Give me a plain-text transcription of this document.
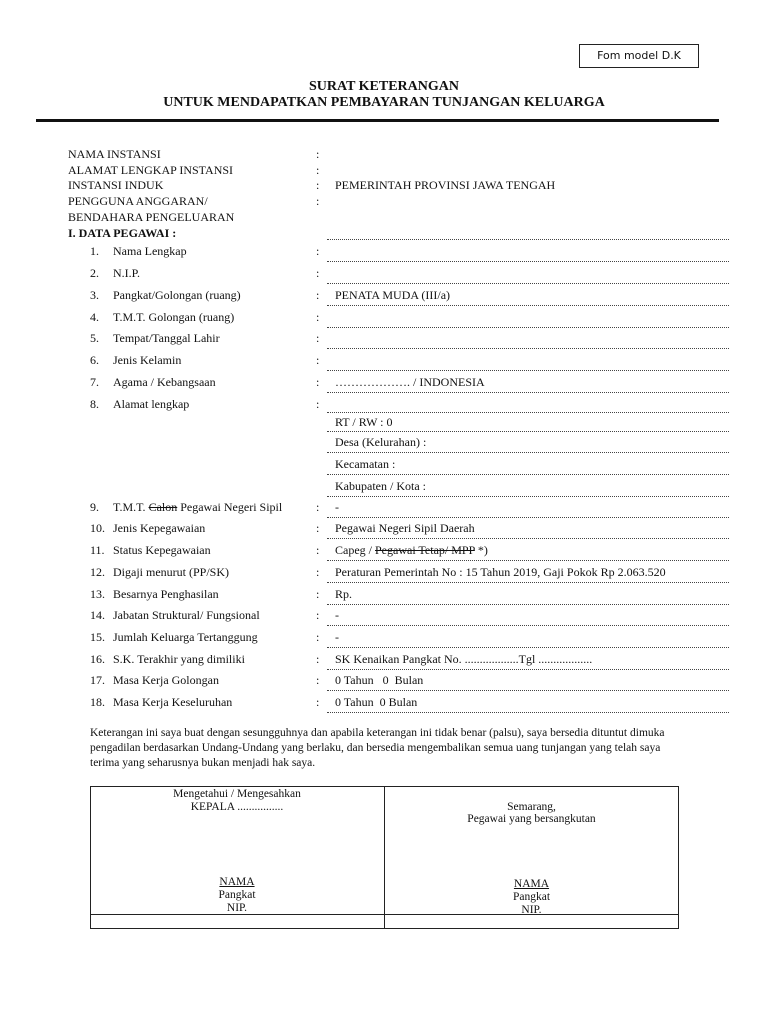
Fom model D.K
SURAT KETERANGAN
UNTUK MENDAPATKAN PEMBAYARAN TUNJANGAN KELUARGA
NAMA INSTANSI	:
ALAMAT LENGKAP INSTANSI	:
INSTANSI INDUK	: PEMERINTAH PROVINSI JAWA TENGAH
PENGGUNA ANGGARAN/	:
BENDAHARA PENGELUARAN
I. DATA PEGAWAI :
1. Nama Lengkap	:
2. N.I.P.	:
3. Pangkat/Golongan (ruang)	: PENATA MUDA (III/a)
4. T.M.T. Golongan (ruang)	:
5. Tempat/Tanggal Lahir	:
6. Jenis Kelamin	:
7. Agama / Kebangsaan	: ………………. / INDONESIA
8. Alamat lengkap	:
RT / RW : 0
Desa (Kelurahan) :
Kecamatan :
Kabupaten / Kota :
9. T.M.T. Calon Pegawai Negeri Sipil	: -
10. Jenis Kepegawaian	: Pegawai Negeri Sipil Daerah
11. Status Kepegawaian	: Capeg / Pegawai Tetap/ MPP *)
12. Digaji menurut (PP/SK)	: Peraturan Pemerintah No : 15 Tahun 2019, Gaji Pokok Rp 2.063.520
13. Besarnya Penghasilan	: Rp.
14. Jabatan Struktural/ Fungsional	: -
15. Jumlah Keluarga Tertanggung	: -
16. S.K. Terakhir yang dimiliki	: SK Kenaikan Pangkat No. ..................Tgl ..................
17. Masa Kerja Golongan	: 0 Tahun   0  Bulan
18. Masa Kerja Keseluruhan	: 0 Tahun  0 Bulan
Keterangan ini saya buat dengan sesungguhnya dan apabila keterangan ini tidak benar (palsu), saya bersedia dituntut dimuka pengadilan berdasarkan Undang-Undang yang berlaku, dan bersedia mengembalikan semua uang tunjangan yang telah saya terima yang seharusnya bukan menjadi hak saya.
Mengetahui / Mengesahkan
KEPALA ................
NAMA
Pangkat
NIP.
Semarang,
Pegawai yang bersangkutan
NAMA
Pangkat
NIP.
